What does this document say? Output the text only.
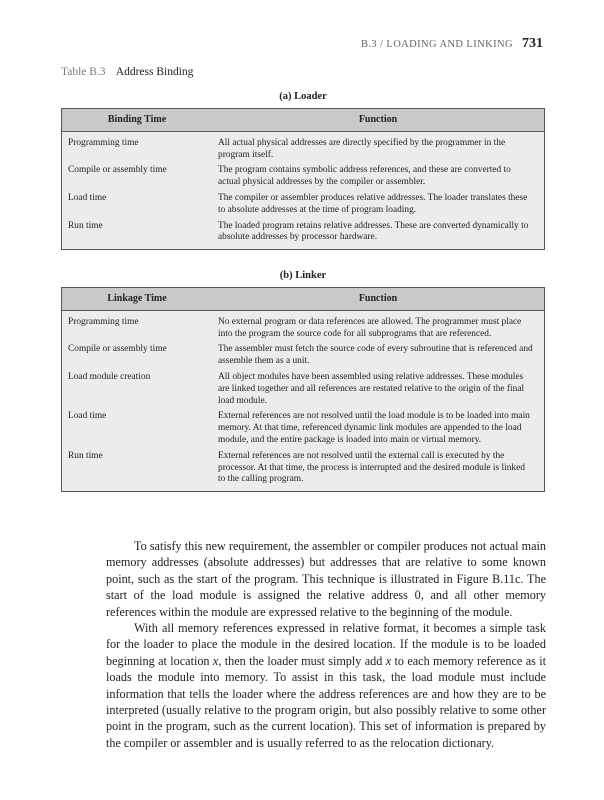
B.3 / LOADING AND LINKING 731
Table B.3 Address Binding
(a) Loader
Binding Time	Function
Programming time	All actual physical addresses are directly specified by the programmer in the program itself.
Compile or assembly time	The program contains symbolic address references, and these are converted to actual physical addresses by the compiler or assembler.
Load time	The compiler or assembler produces relative addresses. The loader translates these to absolute addresses at the time of program loading.
Run time	The loaded program retains relative addresses. These are converted dynamically to absolute addresses by processor hardware.
(b) Linker
Linkage Time	Function
Programming time	No external program or data references are allowed. The programmer must place into the program the source code for all subprograms that are referenced.
Compile or assembly time	The assembler must fetch the source code of every subroutine that is referenced and assemble them as a unit.
Load module creation	All object modules have been assembled using relative addresses. These modules are linked together and all references are restated relative to the origin of the final load module.
Load time	External references are not resolved until the load module is to be loaded into main memory. At that time, referenced dynamic link modules are appended to the load module, and the entire package is loaded into main or virtual memory.
Run time	External references are not resolved until the external call is executed by the processor. At that time, the process is interrupted and the desired module is linked to the calling program.

To satisfy this new requirement, the assembler or compiler produces not actual main memory addresses (absolute addresses) but addresses that are relative to some known point, such as the start of the program. This technique is illustrated in Figure B.11c. The start of the load module is assigned the relative address 0, and all other memory references within the module are expressed relative to the beginning of the module.

With all memory references expressed in relative format, it becomes a simple task for the loader to place the module in the desired location. If the module is to be loaded beginning at location x, then the loader must simply add x to each memory reference as it loads the module into memory. To assist in this task, the load module must include information that tells the loader where the address references are and how they are to be interpreted (usually relative to the program origin, but also possibly relative to some other point in the program, such as the current location). This set of information is prepared by the compiler or assembler and is usually referred to as the relocation dictionary.
